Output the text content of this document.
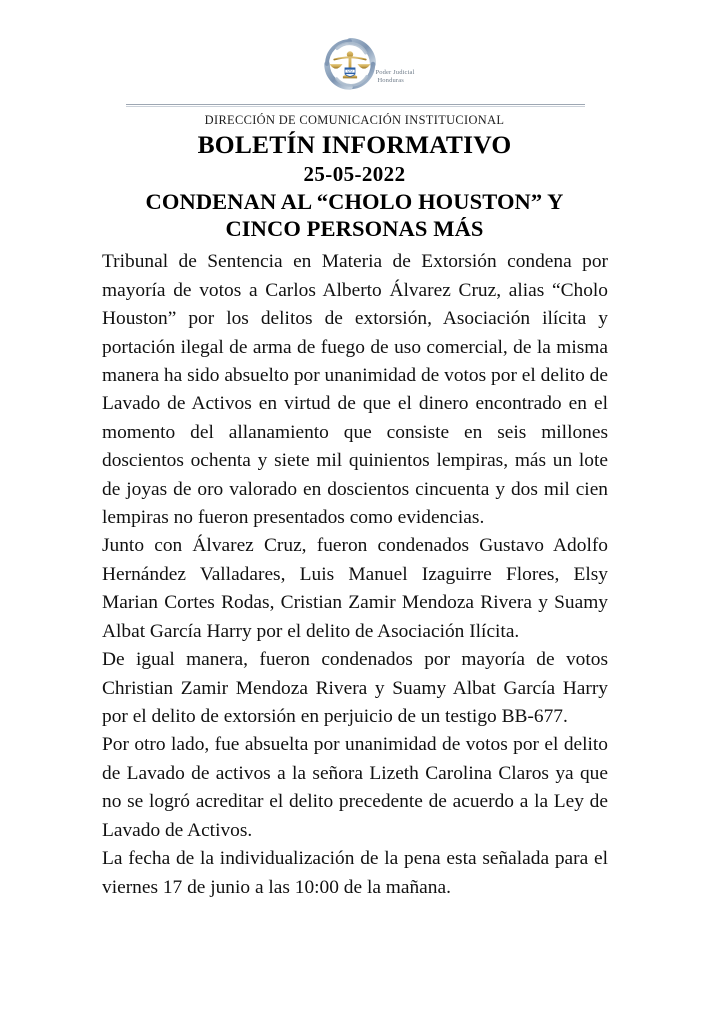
Poder Judicial
Honduras
DIRECCIÓN DE COMUNICACIÓN INSTITUCIONAL
BOLETÍN INFORMATIVO
25-05-2022
CONDENAN AL “CHOLO HOUSTON” Y
CINCO PERSONAS MÁS

Tribunal de Sentencia en Materia de Extorsión condena por mayoría de votos a Carlos Alberto Álvarez Cruz, alias “Cholo Houston” por los delitos de extorsión, Asociación ilícita y portación ilegal de arma de fuego de uso comercial, de la misma manera ha sido absuelto por unanimidad de votos por el delito de Lavado de Activos en virtud de que el dinero encontrado en el momento del allanamiento que consiste en seis millones doscientos ochenta y siete mil quinientos lempiras, más un lote de joyas de oro valorado en doscientos cincuenta y dos mil cien lempiras no fueron presentados como evidencias.

Junto con Álvarez Cruz, fueron condenados Gustavo Adolfo Hernández Valladares, Luis Manuel Izaguirre Flores, Elsy Marian Cortes Rodas, Cristian Zamir Mendoza Rivera y Suamy Albat García Harry por el delito de Asociación Ilícita.

De igual manera, fueron condenados por mayoría de votos Christian Zamir Mendoza Rivera y Suamy Albat García Harry por el delito de extorsión en perjuicio de un testigo BB-677.

Por otro lado, fue absuelta por unanimidad de votos por el delito de Lavado de activos a la señora Lizeth Carolina Claros ya que no se logró acreditar el delito precedente de acuerdo a la Ley de Lavado de Activos.

La fecha de la individualización de la pena esta señalada para el viernes 17 de junio a las 10:00 de la mañana.
